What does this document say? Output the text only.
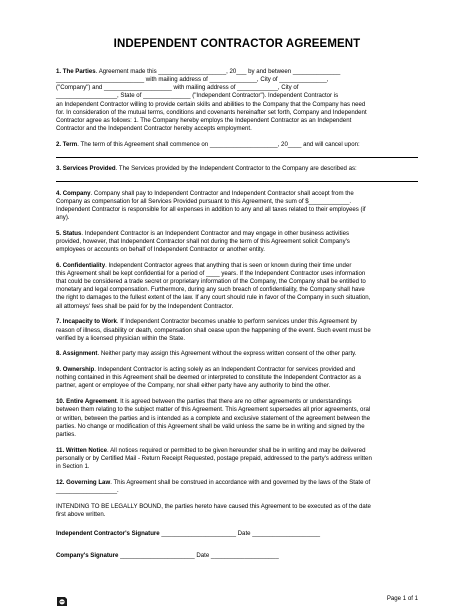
INDEPENDENT CONTRACTOR AGREEMENT
1. The Parties. Agreement made this ____________________, 20___ by and between ______________
__________________________ with mailing address of ______________, City of ______________,
("Company") and ____________________ with mailing address of ____________, City of
__________________, State of ______________ ("Independent Contractor"). Independent Contractor is
an Independent Contractor willing to provide certain skills and abilities to the Company that the Company has need
for. In consideration of the mutual terms, conditions and covenants hereinafter set forth, Company and Independent
Contractor agree as follows: 1. The Company hereby employs the Independent Contractor as an Independent
Contractor and the Independent Contractor hereby accepts employment.
2. Term. The term of this Agreement shall commence on ____________________, 20____ and will cancel upon:
3. Services Provided. The Services provided by the Independent Contractor to the Company are described as:
4. Company. Company shall pay to Independent Contractor and Independent Contractor shall accept from the
Company as compensation for all Services Provided pursuant to this Agreement, the sum of $____________.
Independent Contractor is responsible for all expenses in addition to any and all taxes related to their employees (if
any).
5. Status. Independent Contractor is an Independent Contractor and may engage in other business activities
provided, however, that Independent Contractor shall not during the term of this Agreement solicit Company's
employees or accounts on behalf of Independent Contractor or another entity.
6. Confidentiality. Independent Contractor agrees that anything that is seen or known during their time under
this Agreement shall be kept confidential for a period of ____ years. If the Independent Contractor uses information
that could be considered a trade secret or proprietary information of the Company, the Company shall be entitled to
monetary and legal compensation. Furthermore, during any such breach of confidentiality, the Company shall have
the right to damages to the fullest extent of the law. If any court should rule in favor of the Company in such situation,
all attorneys' fees shall be paid for by the Independent Contractor.
7. Incapacity to Work. If Independent Contractor becomes unable to perform services under this Agreement by
reason of illness, disability or death, compensation shall cease upon the happening of the event. Such event must be
verified by a licensed physician within the State.
8. Assignment. Neither party may assign this Agreement without the express written consent of the other party.
9. Ownership. Independent Contractor is acting solely as an Independent Contractor for services provided and
nothing contained in this Agreement shall be deemed or interpreted to constitute the Independent Contractor as a
partner, agent or employee of the Company, nor shall either party have any authority to bind the other.
10. Entire Agreement. It is agreed between the parties that there are no other agreements or understandings
between them relating to the subject matter of this Agreement. This Agreement supersedes all prior agreements, oral
or written, between the parties and is intended as a complete and exclusive statement of the agreement between the
parties. No change or modification of this Agreement shall be valid unless the same be in writing and signed by the
parties.
11. Written Notice. All notices required or permitted to be given hereunder shall be in writing and may be delivered
personally or by Certified Mail - Return Receipt Requested, postage prepaid, addressed to the party's address written
in Section 1.
12. Governing Law. This Agreement shall be construed in accordance with and governed by the laws of the State of
__________________.
INTENDING TO BE LEGALLY BOUND, the parties hereto have caused this Agreement to be executed as of the date
first above written.
Independent Contractor's Signature ______________________ Date ____________________
Company's Signature ______________________ Date ____________________
Page 1 of 1
